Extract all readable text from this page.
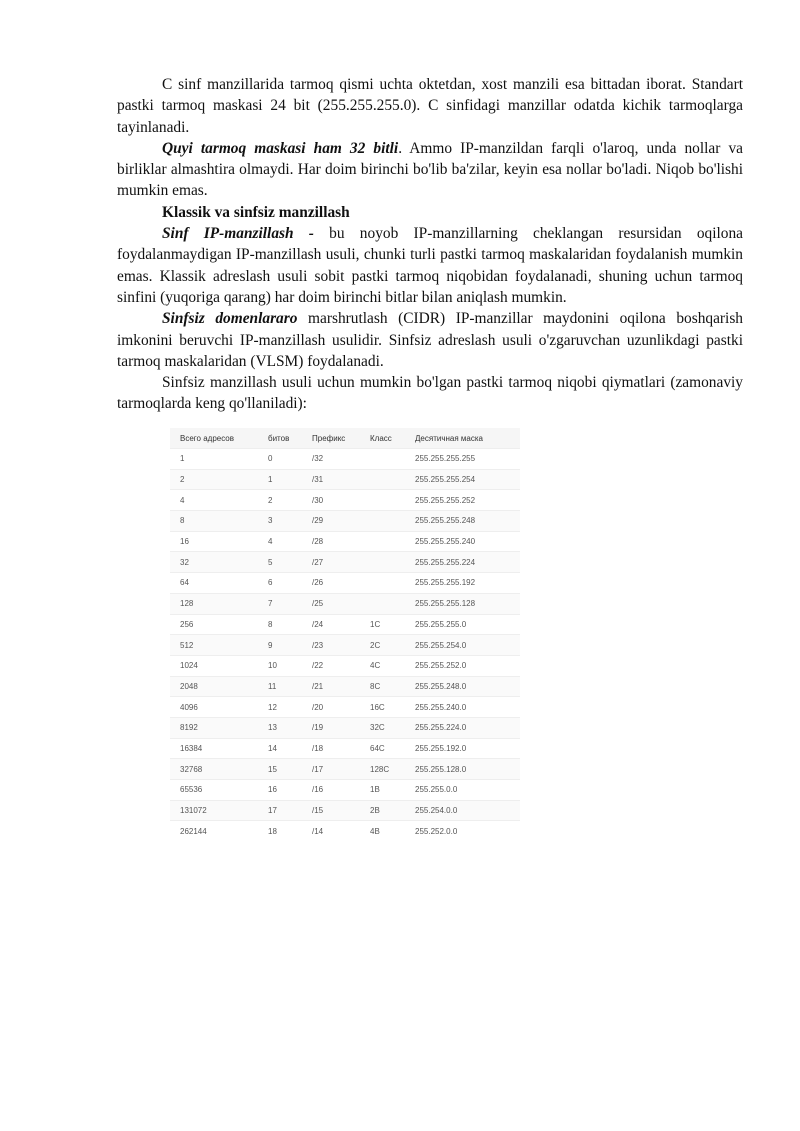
C sinf manzillarida tarmoq qismi uchta oktetdan, xost manzili esa bittadan iborat. Standart pastki tarmoq maskasi 24 bit (255.255.255.0). C sinfidagi manzillar odatda kichik tarmoqlarga tayinlanadi.

Quyi tarmoq maskasi ham 32 bitli. Ammo IP-manzildan farqli o'laroq, unda nollar va birliklar almashtira olmaydi. Har doim birinchi bo'lib ba'zilar, keyin esa nollar bo'ladi. Niqob bo'lishi mumkin emas.

Klassik va sinfsiz manzillash

Sinf IP-manzillash - bu noyob IP-manzillarning cheklangan resursidan oqilona foydalanmaydigan IP-manzillash usuli, chunki turli pastki tarmoq maskalaridan foydalanish mumkin emas. Klassik adreslash usuli sobit pastki tarmoq niqobidan foydalanadi, shuning uchun tarmoq sinfini (yuqoriga qarang) har doim birinchi bitlar bilan aniqlash mumkin.

Sinfsiz domenlararo marshrutlash (CIDR) IP-manzillar maydonini oqilona boshqarish imkonini beruvchi IP-manzillash usulidir. Sinfsiz adreslash usuli o'zgaruvchan uzunlikdagi pastki tarmoq maskalaridan (VLSM) foydalanadi.

Sinfsiz manzillash usuli uchun mumkin bo'lgan pastki tarmoq niqobi qiymatlari (zamonaviy tarmoqlarda keng qo'llaniladi):

Всего адресов	битов	Префикс	Класс	Десятичная маска
1	0	/32		255.255.255.255
2	1	/31		255.255.255.254
4	2	/30		255.255.255.252
8	3	/29		255.255.255.248
16	4	/28		255.255.255.240
32	5	/27		255.255.255.224
64	6	/26		255.255.255.192
128	7	/25		255.255.255.128
256	8	/24	1C	255.255.255.0
512	9	/23	2C	255.255.254.0
1024	10	/22	4C	255.255.252.0
2048	11	/21	8C	255.255.248.0
4096	12	/20	16C	255.255.240.0
8192	13	/19	32C	255.255.224.0
16384	14	/18	64C	255.255.192.0
32768	15	/17	128C	255.255.128.0
65536	16	/16	1B	255.255.0.0
131072	17	/15	2B	255.254.0.0
262144	18	/14	4B	255.252.0.0
